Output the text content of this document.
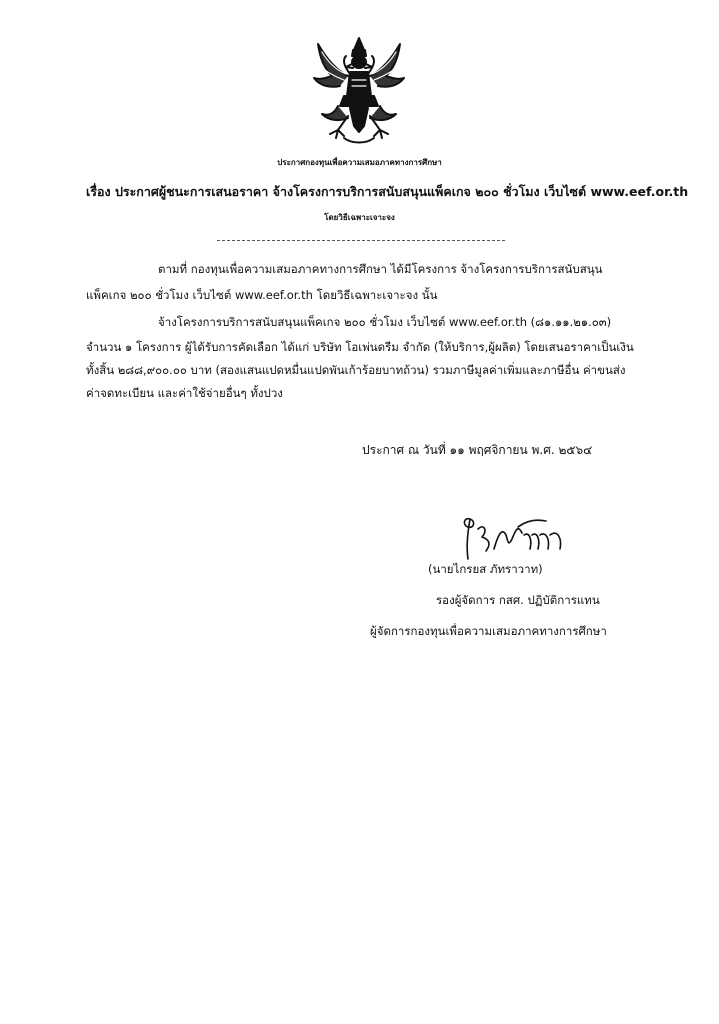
ประกาศกองทุนเพื่อความเสมอภาคทางการศึกษา
เรื่อง ประกาศผู้ชนะการเสนอราคา จ้างโครงการบริการสนับสนุนแพ็คเกจ ๒๐๐ ชั่วโมง เว็บไซต์ www.eef.or.th
โดยวิธีเฉพาะเจาะจง
ตามที่ กองทุนเพื่อความเสมอภาคทางการศึกษา ได้มีโครงการ จ้างโครงการบริการสนับสนุน
แพ็คเกจ ๒๐๐ ชั่วโมง เว็บไซต์ www.eef.or.th โดยวิธีเฉพาะเจาะจง นั้น
จ้างโครงการบริการสนับสนุนแพ็คเกจ ๒๐๐ ชั่วโมง เว็บไซต์ www.eef.or.th (๘๑.๑๑.๒๑.๐๓)
จำนวน ๑ โครงการ ผู้ได้รับการคัดเลือก ได้แก่ บริษัท โอเพ่นดรีม จำกัด (ให้บริการ,ผู้ผลิต) โดยเสนอราคาเป็นเงิน
ทั้งสิ้น ๒๘๘,๙๐๐.๐๐ บาท (สองแสนแปดหมื่นแปดพันเก้าร้อยบาทถ้วน) รวมภาษีมูลค่าเพิ่มและภาษีอื่น ค่าขนส่ง
ค่าจดทะเบียน และค่าใช้จ่ายอื่นๆ ทั้งปวง
ประกาศ ณ วันที่ ๑๑ พฤศจิกายน พ.ศ. ๒๕๖๔
(นายไกรยส ภัทราวาท)
รองผู้จัดการ กสศ. ปฏิบัติการแทน
ผู้จัดการกองทุนเพื่อความเสมอภาคทางการศึกษา
